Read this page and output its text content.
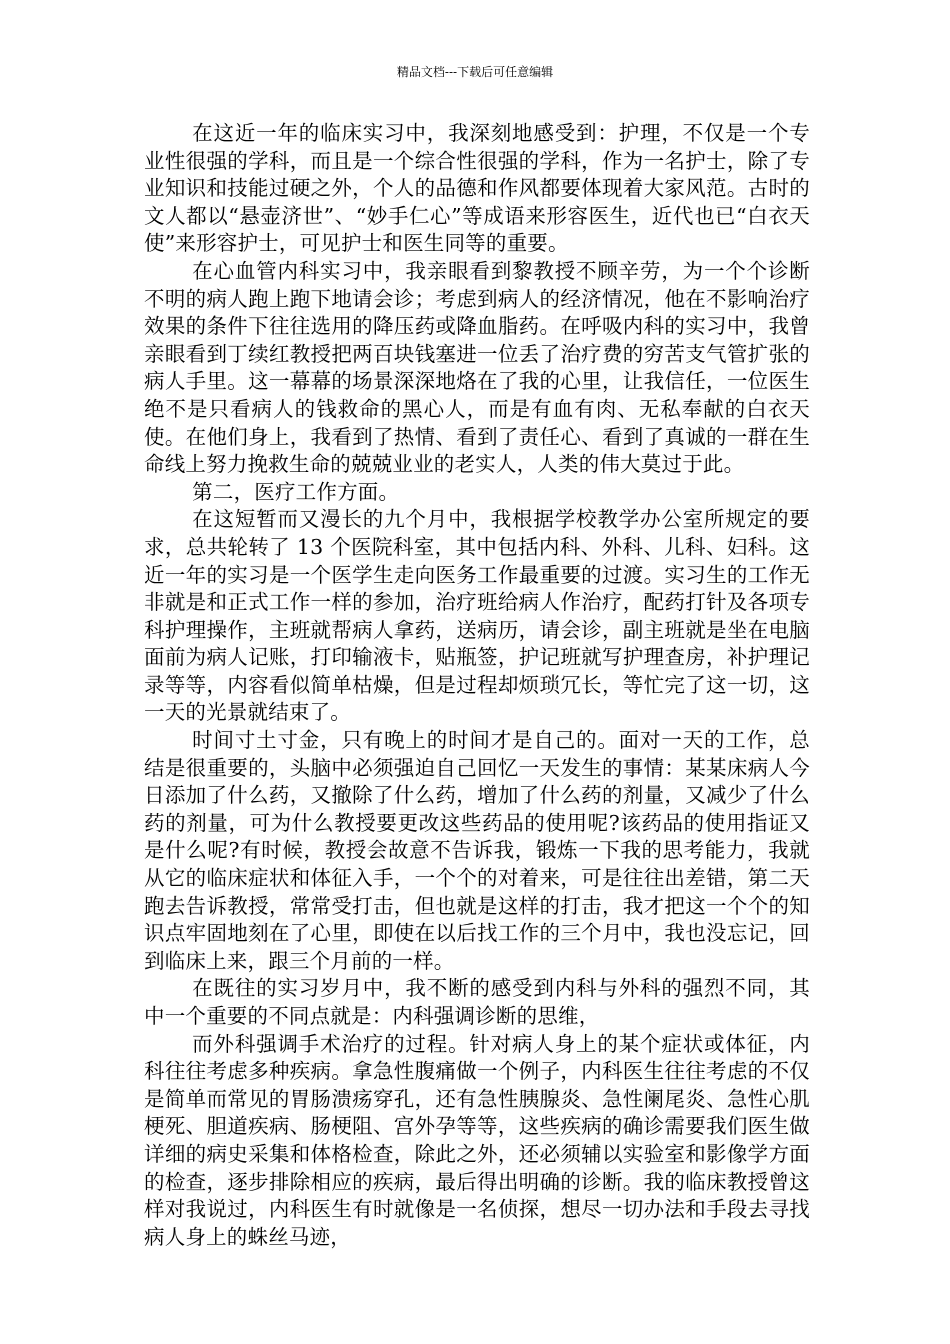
精品文档---下载后可任意编辑

在这近一年的临床实习中，我深刻地感受到：护理，不仅是一个专业性很强的学科，而且是一个综合性很强的学科，作为一名护士，除了专业知识和技能过硬之外，个人的品德和作风都要体现着大家风范。古时的文人都以“悬壶济世”、“妙手仁心”等成语来形容医生，近代也已“白衣天使”来形容护士，可见护士和医生同等的重要。

在心血管内科实习中，我亲眼看到黎教授不顾辛劳，为一个个诊断不明的病人跑上跑下地请会诊；考虑到病人的经济情况，他在不影响治疗效果的条件下往往选用的降压药或降血脂药。在呼吸内科的实习中，我曾亲眼看到丁续红教授把两百块钱塞进一位丢了治疗费的穷苦支气管扩张的病人手里。这一幕幕的场景深深地烙在了我的心里，让我信任，一位医生绝不是只看病人的钱救命的黑心人，而是有血有肉、无私奉献的白衣天使。在他们身上，我看到了热情、看到了责任心、看到了真诚的一群在生命线上努力挽救生命的兢兢业业的老实人，人类的伟大莫过于此。

第二，医疗工作方面。

在这短暂而又漫长的九个月中，我根据学校教学办公室所规定的要求，总共轮转了 13 个医院科室，其中包括内科、外科、儿科、妇科。这近一年的实习是一个医学生走向医务工作最重要的过渡。实习生的工作无非就是和正式工作一样的参加，治疗班给病人作治疗，配药打针及各项专科护理操作，主班就帮病人拿药，送病历，请会诊，副主班就是坐在电脑面前为病人记账，打印输液卡，贴瓶签，护记班就写护理查房，补护理记录等等，内容看似简单枯燥，但是过程却烦琐冗长，等忙完了这一切，这一天的光景就结束了。

时间寸土寸金，只有晚上的时间才是自己的。面对一天的工作，总结是很重要的，头脑中必须强迫自己回忆一天发生的事情：某某床病人今日添加了什么药，又撤除了什么药，增加了什么药的剂量，又减少了什么药的剂量，可为什么教授要更改这些药品的使用呢?该药品的使用指证又是什么呢?有时候，教授会故意不告诉我，锻炼一下我的思考能力，我就从它的临床症状和体征入手，一个个的对着来，可是往往出差错，第二天跑去告诉教授，常常受打击，但也就是这样的打击，我才把这一个个的知识点牢固地刻在了心里，即使在以后找工作的三个月中，我也没忘记，回到临床上来，跟三个月前的一样。

在既往的实习岁月中，我不断的感受到内科与外科的强烈不同，其中一个重要的不同点就是：内科强调诊断的思维，

而外科强调手术治疗的过程。针对病人身上的某个症状或体征，内科往往考虑多种疾病。拿急性腹痛做一个例子，内科医生往往考虑的不仅是简单而常见的胃肠溃疡穿孔，还有急性胰腺炎、急性阑尾炎、急性心肌梗死、胆道疾病、肠梗阻、宫外孕等等，这些疾病的确诊需要我们医生做详细的病史采集和体格检查，除此之外，还必须辅以实验室和影像学方面的检查，逐步排除相应的疾病，最后得出明确的诊断。我的临床教授曾这样对我说过，内科医生有时就像是一名侦探，想尽一切办法和手段去寻找病人身上的蛛丝马迹，
